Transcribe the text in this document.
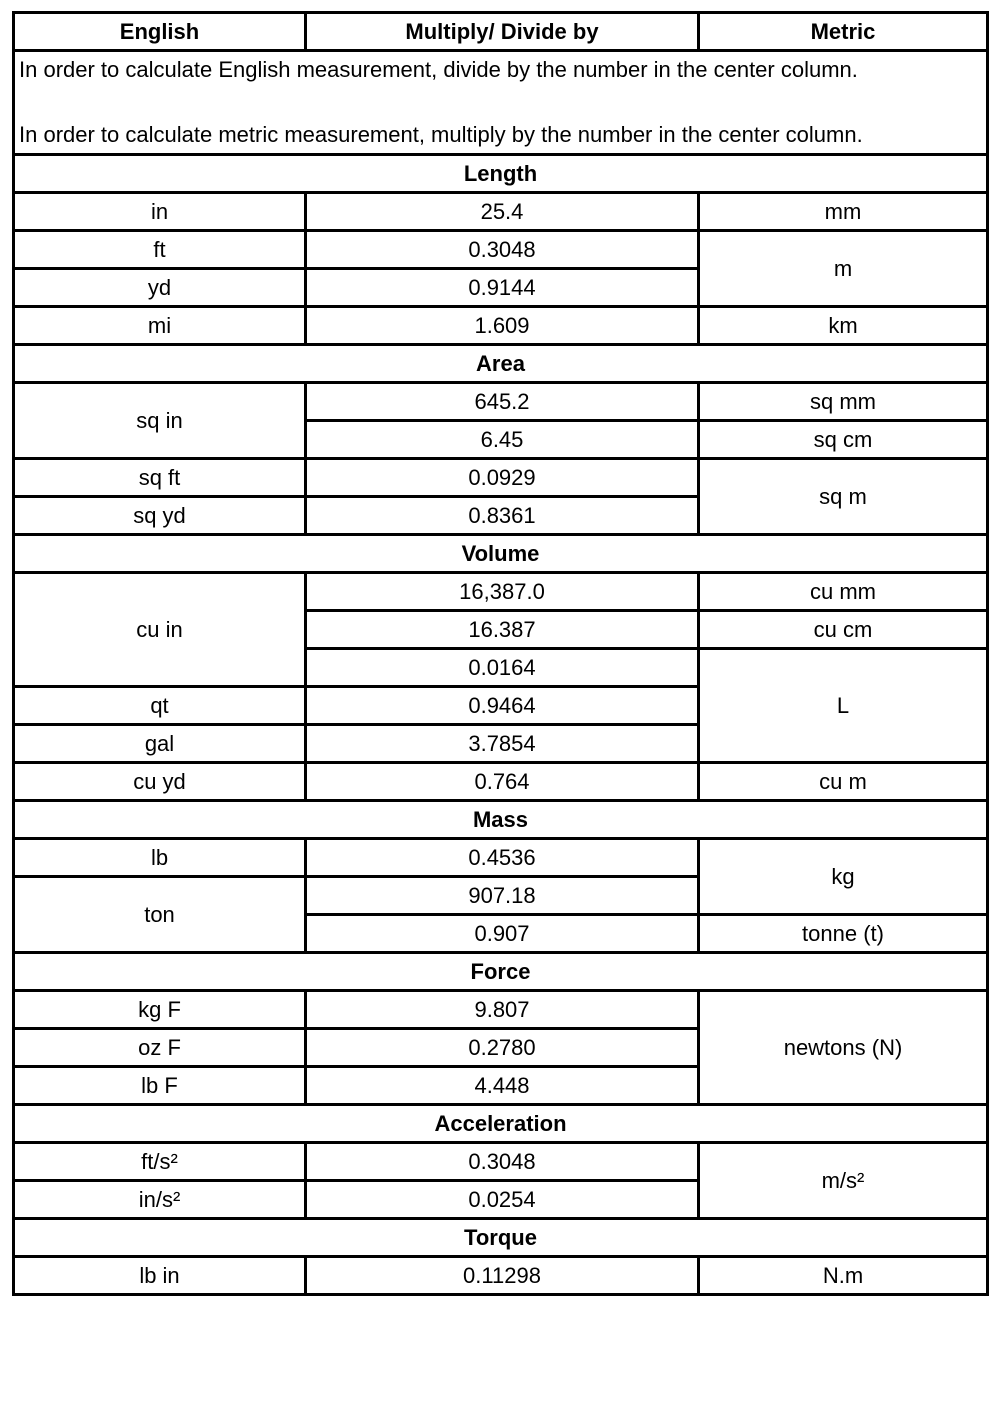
English	Multiply/ Divide by	Metric

In order to calculate English measurement, divide by the number in the center column.
In order to calculate metric measurement, multiply by the number in the center column.		

Length		
in	25.4	mm
ft	0.3048	m
yd	0.9144	
mi	1.609	km
Area		
sq in	645.2	sq mm
	6.45	sq cm
sq ft	0.0929	sq m
sq yd	0.8361	
Volume		
cu in	16,387.0	cu mm
	16.387	cu cm
	0.0164	L
qt	0.9464	
gal	3.7854	
cu yd	0.764	cu m
Mass		
lb	0.4536	kg
ton	907.18	
	0.907	tonne (t)
Force		
kg F	9.807	newtons (N)
oz F	0.2780	
lb F	4.448	
Acceleration		
ft/s²	0.3048	m/s²
in/s²	0.0254	
Torque		
lb in	0.11298	N.m
